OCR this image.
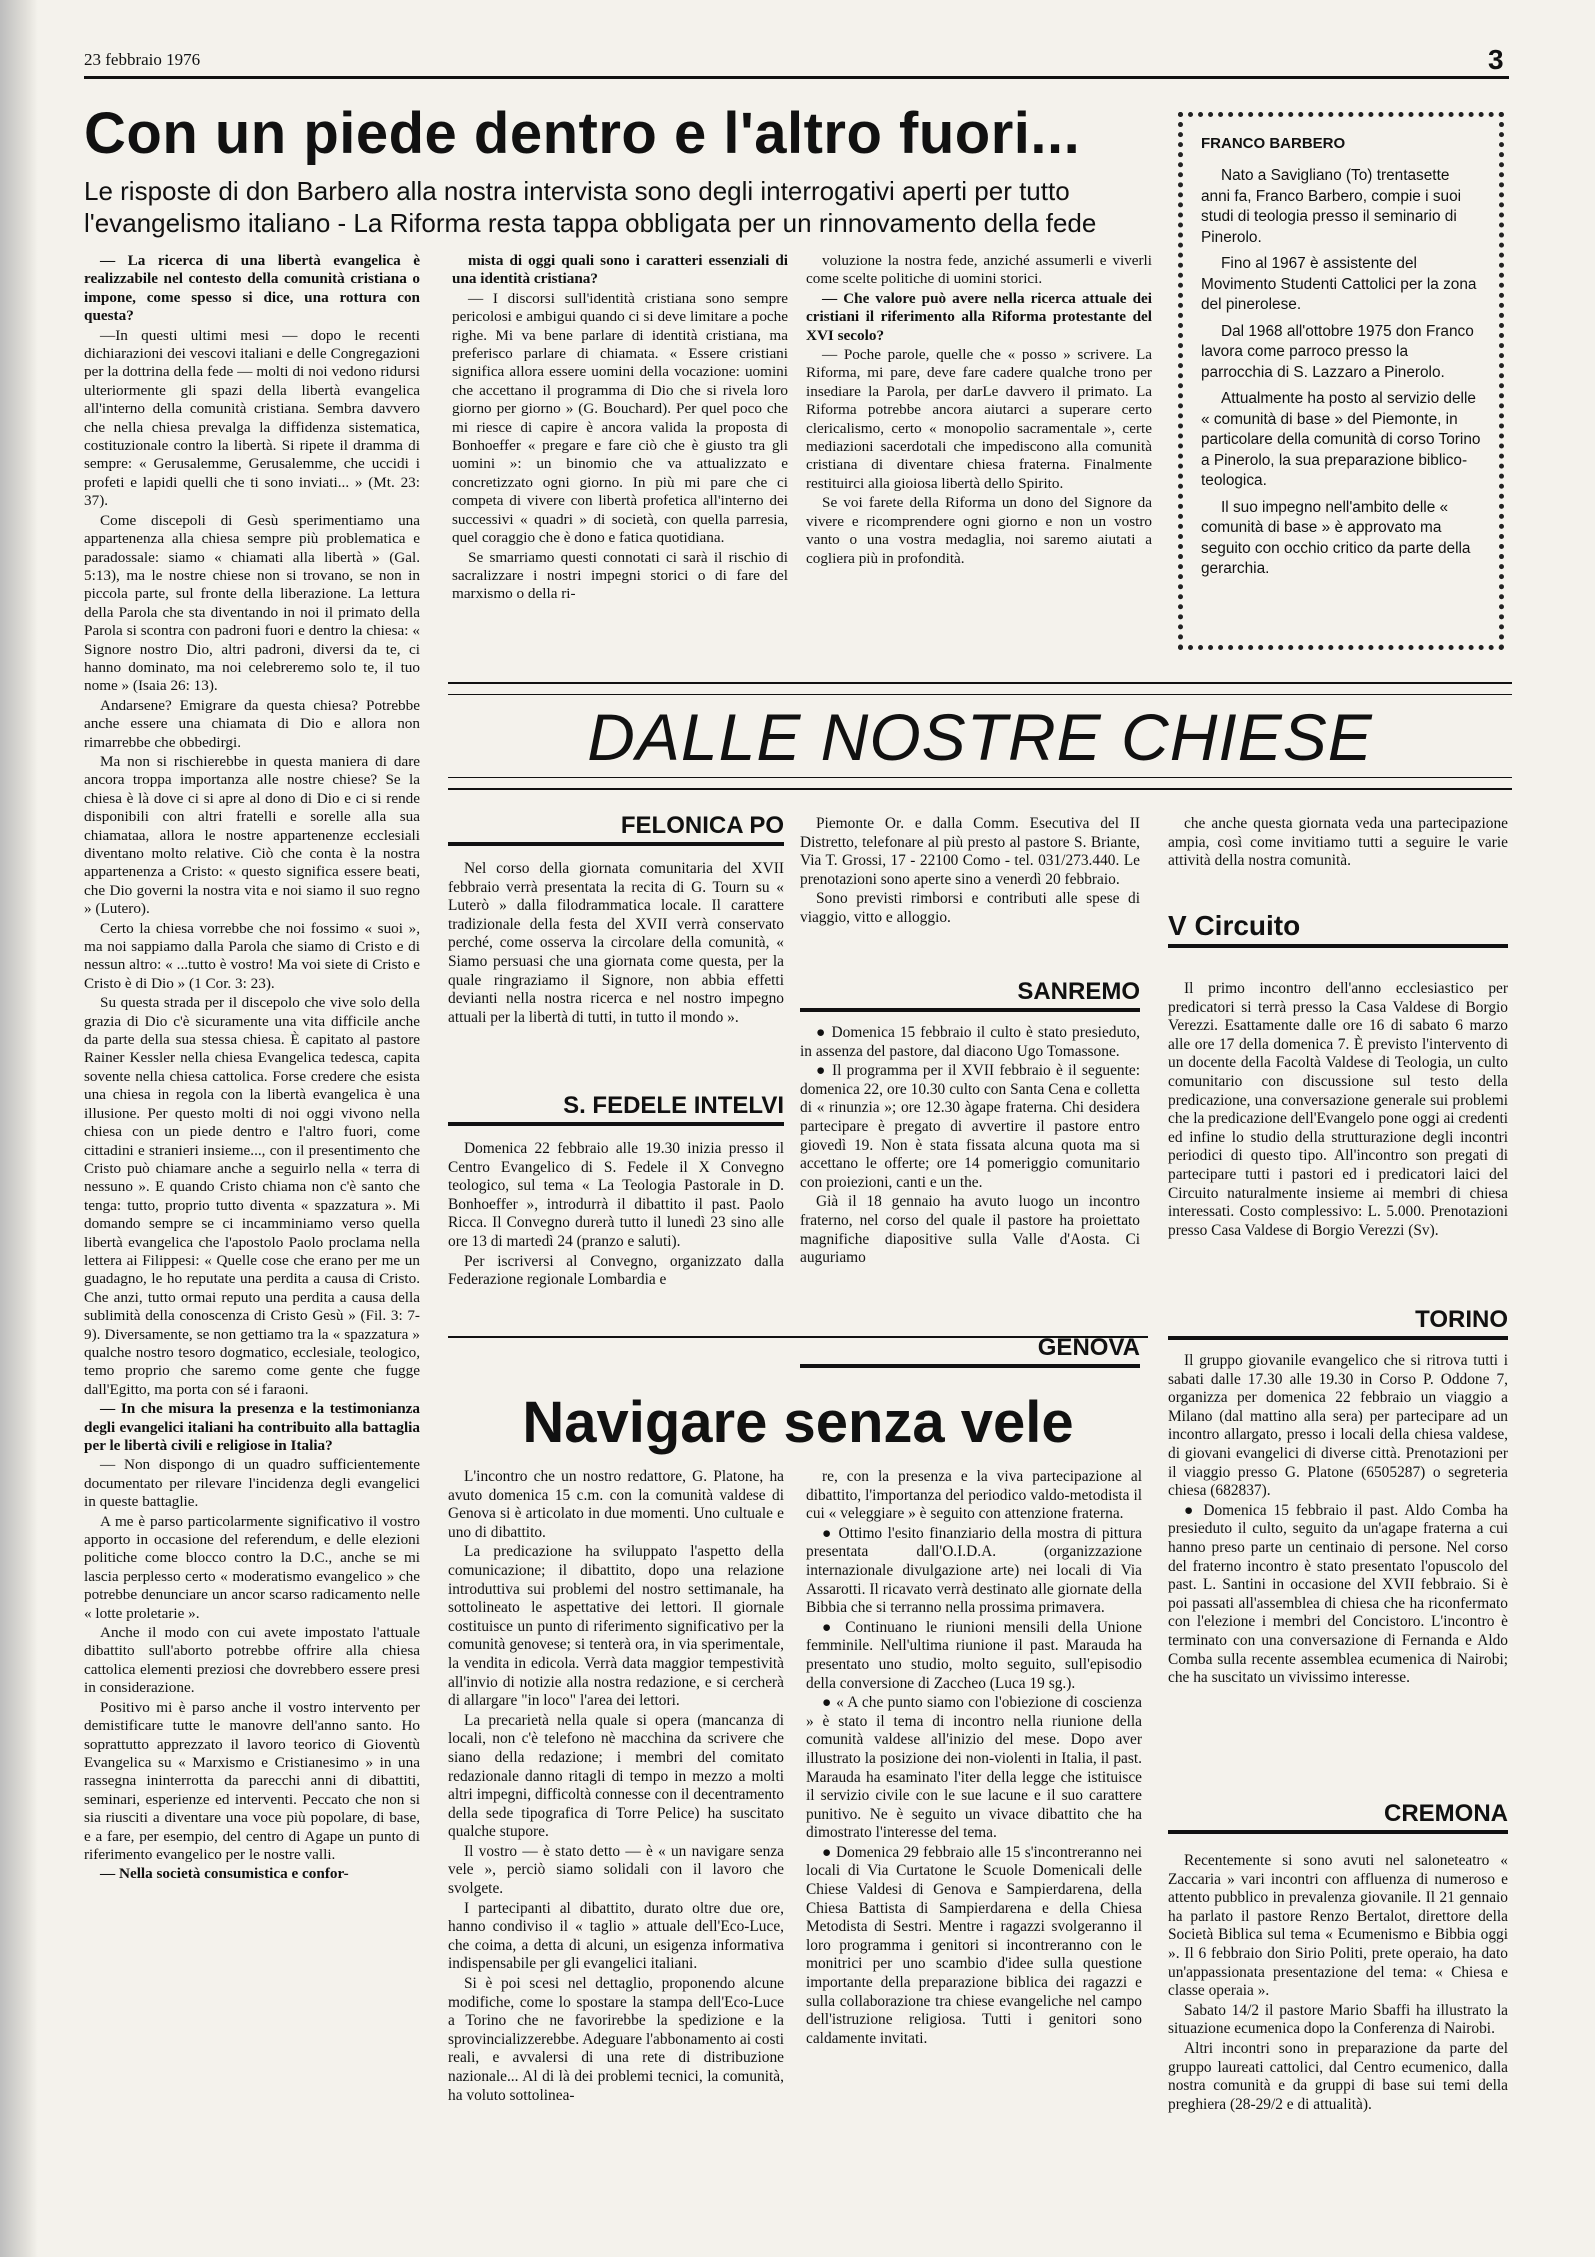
23 febbraio 1976	3
Con un piede dentro e l'altro fuori...
Le risposte di don Barbero alla nostra intervista sono degli interrogativi aperti per tutto l'evangelismo italiano - La Riforma resta tappa obbligata per un rinnovamento della fede

— La ricerca di una libertà evangelica è realizzabile nel contesto della comunità cristiana o impone, come spesso si dice, una rottura con questa?

—In questi ultimi mesi — dopo le recenti dichiarazioni dei vescovi italiani e delle Congregazioni per la dottrina della fede — molti di noi vedono ridursi ulteriormente gli spazi della libertà evangelica all'interno della comunità cristiana. Sembra davvero che nella chiesa prevalga la diffidenza sistematica, costituzionale contro la libertà. Si ripete il dramma di sempre: « Gerusalemme, Gerusalemme, che uccidi i profeti e lapidi quelli che ti sono inviati... » (Mt. 23: 37).

Come discepoli di Gesù sperimentiamo una appartenenza alla chiesa sempre più problematica e paradossale: siamo « chiamati alla libertà » (Gal. 5:13), ma le nostre chiese non si trovano, se non in piccola parte, sul fronte della liberazione. La lettura della Parola che sta diventando in noi il primato della Parola si scontra con padroni fuori e dentro la chiesa: « Signore nostro Dio, altri padroni, diversi da te, ci hanno dominato, ma noi celebreremo solo te, il tuo nome » (Isaia 26: 13).

Andarsene? Emigrare da questa chiesa? Potrebbe anche essere una chiamata di Dio e allora non rimarrebbe che obbedirgi.

Ma non si rischierebbe in questa maniera di dare ancora troppa importanza alle nostre chiese? Se la chiesa è là dove ci si apre al dono di Dio e ci si rende disponibili con altri fratelli e sorelle alla sua chiamataa, allora le nostre appartenenze ecclesiali diventano molto relative. Ciò che conta è la nostra appartenenza a Cristo: « questo significa essere beati, che Dio governi la nostra vita e noi siamo il suo regno » (Lutero).

Certo la chiesa vorrebbe che noi fossimo « suoi », ma noi sappiamo dalla Parola che siamo di Cristo e di nessun altro: « ...tutto è vostro! Ma voi siete di Cristo e Cristo è di Dio » (1 Cor. 3: 23).

Su questa strada per il discepolo che vive solo della grazia di Dio c'è sicuramente una vita difficile anche da parte della sua stessa chiesa. È capitato al pastore Rainer Kessler nella chiesa Evangelica tedesca, capita sovente nella chiesa cattolica. Forse credere che esista una chiesa in regola con la libertà evangelica è una illusione. Per questo molti di noi oggi vivono nella chiesa con un piede dentro e l'altro fuori, come cittadini e stranieri insieme..., con il presentimento che Cristo può chiamare anche a seguirlo nella « terra di nessuno ». E quando Cristo chiama non c'è santo che tenga: tutto, proprio tutto diventa « spazzatura ». Mi domando sempre se ci incamminiamo verso quella libertà evangelica che l'apostolo Paolo proclama nella lettera ai Filippesi: « Quelle cose che erano per me un guadagno, le ho reputate una perdita a causa di Cristo. Che anzi, tutto ormai reputo una perdita a causa della sublimità della conoscenza di Cristo Gesù » (Fil. 3: 7-9). Diversamente, se non gettiamo tra la « spazzatura » qualche nostro tesoro dogmatico, ecclesiale, teologico, temo proprio che saremo come gente che fugge dall'Egitto, ma porta con sé i faraoni.

— In che misura la presenza e la testimonianza degli evangelici italiani ha contribuito alla battaglia per le libertà civili e religiose in Italia?

— Non dispongo di un quadro sufficientemente documentato per rilevare l'incidenza degli evangelici in queste battaglie.

A me è parso particolarmente significativo il vostro apporto in occasione del referendum, e delle elezioni politiche come blocco contro la D.C., anche se mi lascia perplesso certo « moderatismo evangelico » che potrebbe denunciare un ancor scarso radicamento nelle « lotte proletarie ».

Anche il modo con cui avete impostato l'attuale dibattito sull'aborto potrebbe offrire alla chiesa cattolica elementi preziosi che dovrebbero essere presi in considerazione.

Positivo mi è parso anche il vostro intervento per demistificare tutte le manovre dell'anno santo. Ho soprattutto apprezzato il lavoro teorico di Gioventù Evangelica su « Marxismo e Cristianesimo » in una rassegna ininterrotta da parecchi anni di dibattiti, seminari, esperienze ed interventi. Peccato che non si sia riusciti a diventare una voce più popolare, di base, e a fare, per esempio, del centro di Agape un punto di riferimento evangelico per le nostre valli.

— Nella società consumistica e confor-

mista di oggi quali sono i caratteri essenziali di una identità cristiana?

— I discorsi sull'identità cristiana sono sempre pericolosi e ambigui quando ci si deve limitare a poche righe. Mi va bene parlare di identità cristiana, ma preferisco parlare di chiamata. « Essere cristiani significa allora essere uomini della vocazione: uomini che accettano il programma di Dio che si rivela loro giorno per giorno » (G. Bouchard). Per quel poco che mi riesce di capire è ancora valida la proposta di Bonhoeffer « pregare e fare ciò che è giusto tra gli uomini »: un binomio che va attualizzato e concretizzato ogni giorno. In più mi pare che ci competa di vivere con libertà profetica all'interno dei successivi « quadri » di società, con quella parresia, quel coraggio che è dono e fatica quotidiana.

Se smarriamo questi connotati ci sarà il rischio di sacralizzare i nostri impegni storici o di fare del marxismo o della ri-

voluzione la nostra fede, anziché assumerli e viverli come scelte politiche di uomini storici.

— Che valore può avere nella ricerca attuale dei cristiani il riferimento alla Riforma protestante del XVI secolo?

— Poche parole, quelle che « posso » scrivere. La Riforma, mi pare, deve fare cadere qualche trono per insediare la Parola, per darLe davvero il primato. La Riforma potrebbe ancora aiutarci a superare certo clericalismo, certo « monopolio sacramentale », certe mediazioni sacerdotali che impediscono alla comunità cristiana di diventare chiesa fraterna. Finalmente restituirci alla gioiosa libertà dello Spirito.

Se voi farete della Riforma un dono del Signore da vivere e ricomprendere ogni giorno e non un vostro vanto o una vostra medaglia, noi saremo aiutati a cogliera più in profondità.

FRANCO BARBERO

Nato a Savigliano (To) trentasette anni fa, Franco Barbero, compie i suoi studi di teologia presso il seminario di Pinerolo.

Fino al 1967 è assistente del Movimento Studenti Cattolici per la zona del pinerolese.

Dal 1968 all'ottobre 1975 don Franco lavora come parroco presso la parrocchia di S. Lazzaro a Pinerolo.

Attualmente ha posto al servizio delle « comunità di base » del Piemonte, in particolare della comunità di corso Torino a Pinerolo, la sua preparazione biblico-teologica.

Il suo impegno nell'ambito delle « comunità di base » è approvato ma seguito con occhio critico da parte della gerarchia.

DALLE NOSTRE CHIESE
FELONICA PO

Nel corso della giornata comunitaria del XVII febbraio verrà presentata la recita di G. Tourn su « Luterò » dalla filodrammatica locale. Il carattere tradizionale della festa del XVII verrà conservato perché, come osserva la circolare della comunità, « Siamo persuasi che una giornata come questa, per la quale ringraziamo il Signore, non abbia effetti devianti nella nostra ricerca e nel nostro impegno attuali per la libertà di tutti, in tutto il mondo ».

S. FEDELE INTELVI

Domenica 22 febbraio alle 19.30 inizia presso il Centro Evangelico di S. Fedele il X Convegno teologico, sul tema « La Teologia Pastorale in D. Bonhoeffer », introdurrà il dibattito il past. Paolo Ricca. Il Convegno durerà tutto il lunedì 23 sino alle ore 13 di martedì 24 (pranzo e saluti).

Per iscriversi al Convegno, organizzato dalla Federazione regionale Lombardia e

Piemonte Or. e dalla Comm. Esecutiva del II Distretto, telefonare al più presto al pastore S. Briante, Via T. Grossi, 17 - 22100 Como - tel. 031/273.440. Le prenotazioni sono aperte sino a venerdì 20 febbraio.

Sono previsti rimborsi e contributi alle spese di viaggio, vitto e alloggio.

SANREMO

● Domenica 15 febbraio il culto è stato presieduto, in assenza del pastore, dal diacono Ugo Tomassone.

● Il programma per il XVII febbraio è il seguente: domenica 22, ore 10.30 culto con Santa Cena e colletta di « rinunzia »; ore 12.30 àgape fraterna. Chi desidera partecipare è pregato di avvertire il pastore entro giovedì 19. Non è stata fissata alcuna quota ma si accettano le offerte; ore 14 pomeriggio comunitario con proiezioni, canti e un the.

Già il 18 gennaio ha avuto luogo un incontro fraterno, nel corso del quale il pastore ha proiettato magnifiche diapositive sulla Valle d'Aosta. Ci auguriamo

che anche questa giornata veda una partecipazione ampia, così come invitiamo tutti a seguire le varie attività della nostra comunità.

V Circuito

Il primo incontro dell'anno ecclesiastico per predicatori si terrà presso la Casa Valdese di Borgio Verezzi. Esattamente dalle ore 16 di sabato 6 marzo alle ore 17 della domenica 7. È previsto l'intervento di un docente della Facoltà Valdese di Teologia, un culto comunitario con discussione sul testo della predicazione, una conversazione generale sui problemi che la predicazione dell'Evangelo pone oggi ai credenti ed infine lo studio della strutturazione degli incontri periodici di questo tipo. All'incontro son pregati di partecipare tutti i pastori ed i predicatori laici del Circuito naturalmente insieme ai membri di chiesa interessati. Costo complessivo: L. 5.000. Prenotazioni presso Casa Valdese di Borgio Verezzi (Sv).

TORINO

Il gruppo giovanile evangelico che si ritrova tutti i sabati dalle 17.30 alle 19.30 in Corso P. Oddone 7, organizza per domenica 22 febbraio un viaggio a Milano (dal mattino alla sera) per partecipare ad un incontro allargato, presso i locali della chiesa valdese, di giovani evangelici di diverse città. Prenotazioni per il viaggio presso G. Platone (6505287) o segreteria chiesa (682837).

● Domenica 15 febbraio il past. Aldo Comba ha presieduto il culto, seguito da un'agape fraterna a cui hanno preso parte un centinaio di persone. Nel corso del fraterno incontro è stato presentato l'opuscolo del past. L. Santini in occasione del XVII febbraio. Si è poi passati all'assemblea di chiesa che ha riconfermato con l'elezione i membri del Concistoro. L'incontro è terminato con una conversazione di Fernanda e Aldo Comba sulla recente assemblea ecumenica di Nairobi; che ha suscitato un vivissimo interesse.

CREMONA

Recentemente si sono avuti nel saloneteatro « Zaccaria » vari incontri con affluenza di numeroso e attento pubblico in prevalenza giovanile. Il 21 gennaio ha parlato il pastore Renzo Bertalot, direttore della Società Biblica sul tema « Ecumenismo e Bibbia oggi ». Il 6 febbraio don Sirio Politi, prete operaio, ha dato un'appassionata presentazione del tema: « Chiesa e classe operaia ».

Sabato 14/2 il pastore Mario Sbaffi ha illustrato la situazione ecumenica dopo la Conferenza di Nairobi.

Altri incontri sono in preparazione da parte del gruppo laureati cattolici, dal Centro ecumenico, dalla nostra comunità e da gruppi di base sui temi della preghiera (28-29/2 e di attualità).

GENOVA
Navigare senza vele

L'incontro che un nostro redattore, G. Platone, ha avuto domenica 15 c.m. con la comunità valdese di Genova si è articolato in due momenti. Uno cultuale e uno di dibattito.

La predicazione ha sviluppato l'aspetto della comunicazione; il dibattito, dopo una relazione introduttiva sui problemi del nostro settimanale, ha sottolineato le aspettative dei lettori. Il giornale costituisce un punto di riferimento significativo per la comunità genovese; si tenterà ora, in via sperimentale, la vendita in edicola. Verrà data maggior tempestività all'invio di notizie alla nostra redazione, e si cercherà di allargare "in loco" l'area dei lettori.

La precarietà nella quale si opera (mancanza di locali, non c'è telefono nè macchina da scrivere che siano della redazione; i membri del comitato redazionale danno ritagli di tempo in mezzo a molti altri impegni, difficoltà connesse con il decentramento della sede tipografica di Torre Pelice) ha suscitato qualche stupore.

Il vostro — è stato detto — è « un navigare senza vele », perciò siamo solidali con il lavoro che svolgete.

I partecipanti al dibattito, durato oltre due ore, hanno condiviso il « taglio » attuale dell'Eco-Luce, che coima, a detta di alcuni, un esigenza informativa indispensabile per gli evangelici italiani.

Si è poi scesi nel dettaglio, proponendo alcune modifiche, come lo spostare la stampa dell'Eco-Luce a Torino che ne favorirebbe la spedizione e la sprovincializzerebbe. Adeguare l'abbonamento ai costi reali, e avvalersi di una rete di distribuzione nazionale... Al di là dei problemi tecnici, la comunità, ha voluto sottolinea-

re, con la presenza e la viva partecipazione al dibattito, l'importanza del periodico valdo-metodista il cui « veleggiare » è seguito con attenzione fraterna.

● Ottimo l'esito finanziario della mostra di pittura presentata dall'O.I.D.A. (organizzazione internazionale divulgazione arte) nei locali di Via Assarotti. Il ricavato verrà destinato alle giornate della Bibbia che si terranno nella prossima primavera.

● Continuano le riunioni mensili della Unione femminile. Nell'ultima riunione il past. Marauda ha presentato uno studio, molto seguito, sull'episodio della conversione di Zaccheo (Luca 19 sg.).

● « A che punto siamo con l'obiezione di coscienza » è stato il tema di incontro nella riunione della comunità valdese all'inizio del mese. Dopo aver illustrato la posizione dei non-violenti in Italia, il past. Marauda ha esaminato l'iter della legge che istituisce il servizio civile con le sue lacune e il suo carattere punitivo. Ne è seguito un vivace dibattito che ha dimostrato l'interesse del tema.

● Domenica 29 febbraio alle 15 s'incontreranno nei locali di Via Curtatone le Scuole Domenicali delle Chiese Valdesi di Genova e Sampierdarena, della Chiesa Battista di Sampierdarena e della Chiesa Metodista di Sestri. Mentre i ragazzi svolgeranno il loro programma i genitori si incontreranno con le monitrici per uno scambio d'idee sulla questione importante della preparazione biblica dei ragazzi e sulla collaborazione tra chiese evangeliche nel campo dell'istruzione religiosa. Tutti i genitori sono caldamente invitati.
